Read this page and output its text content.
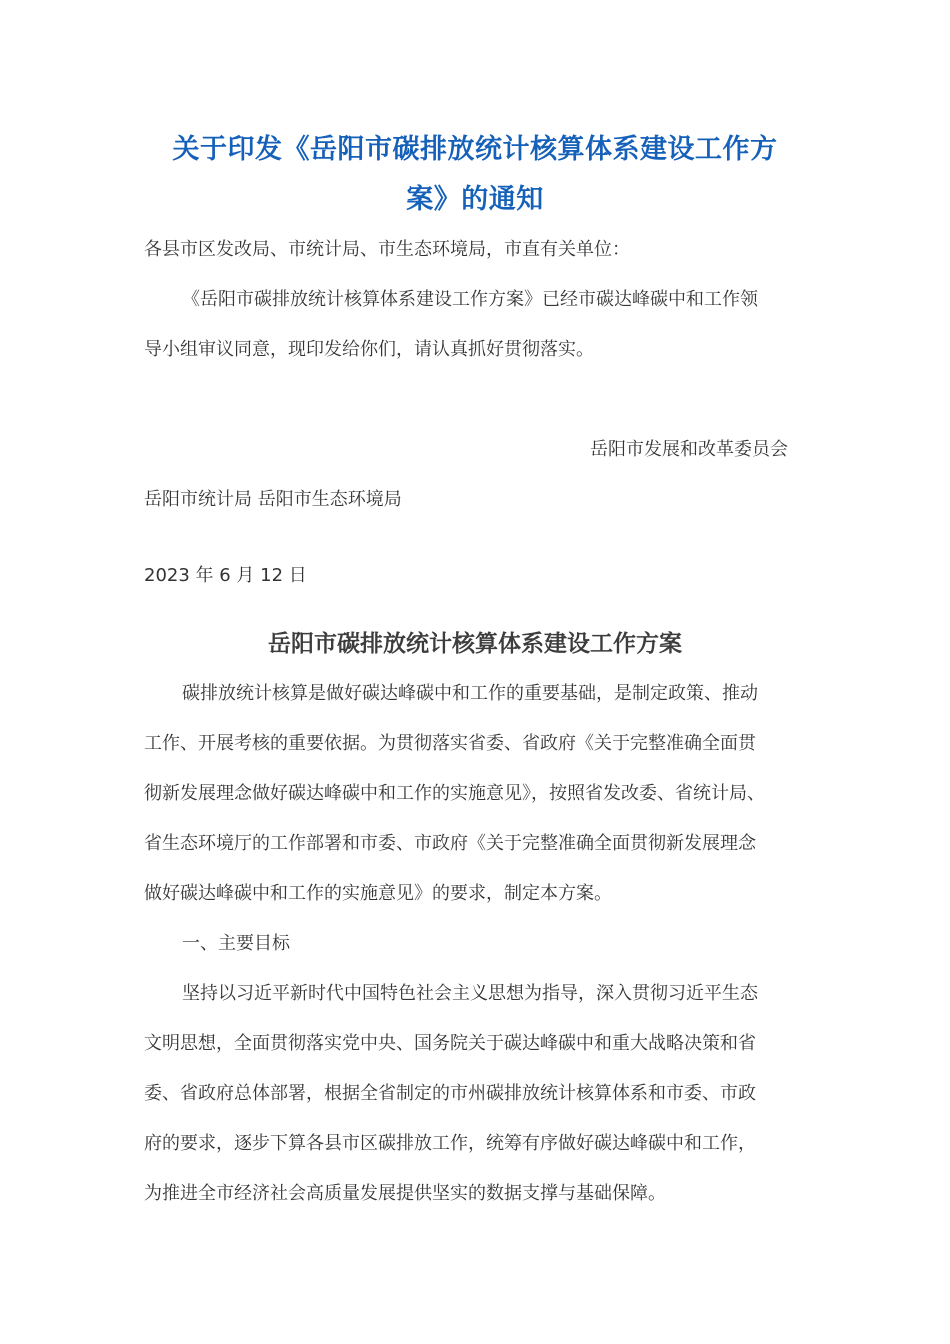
关于印发《岳阳市碳排放统计核算体系建设工作方
案》的通知

各县市区发改局、市统计局、市生态环境局，市直有关单位：

《岳阳市碳排放统计核算体系建设工作方案》已经市碳达峰碳中和工作领

导小组审议同意，现印发给你们，请认真抓好贯彻落实。

岳阳市发展和改革委员会

岳阳市统计局 岳阳市生态环境局

2023 年 6 月 12 日

岳阳市碳排放统计核算体系建设工作方案

碳排放统计核算是做好碳达峰碳中和工作的重要基础，是制定政策、推动

工作、开展考核的重要依据。为贯彻落实省委、省政府《关于完整准确全面贯

彻新发展理念做好碳达峰碳中和工作的实施意见》，按照省发改委、省统计局、

省生态环境厅的工作部署和市委、市政府《关于完整准确全面贯彻新发展理念

做好碳达峰碳中和工作的实施意见》的要求，制定本方案。

一、主要目标

坚持以习近平新时代中国特色社会主义思想为指导，深入贯彻习近平生态

文明思想，全面贯彻落实党中央、国务院关于碳达峰碳中和重大战略决策和省

委、省政府总体部署，根据全省制定的市州碳排放统计核算体系和市委、市政

府的要求，逐步下算各县市区碳排放工作，统筹有序做好碳达峰碳中和工作，

为推进全市经济社会高质量发展提供坚实的数据支撑与基础保障。
